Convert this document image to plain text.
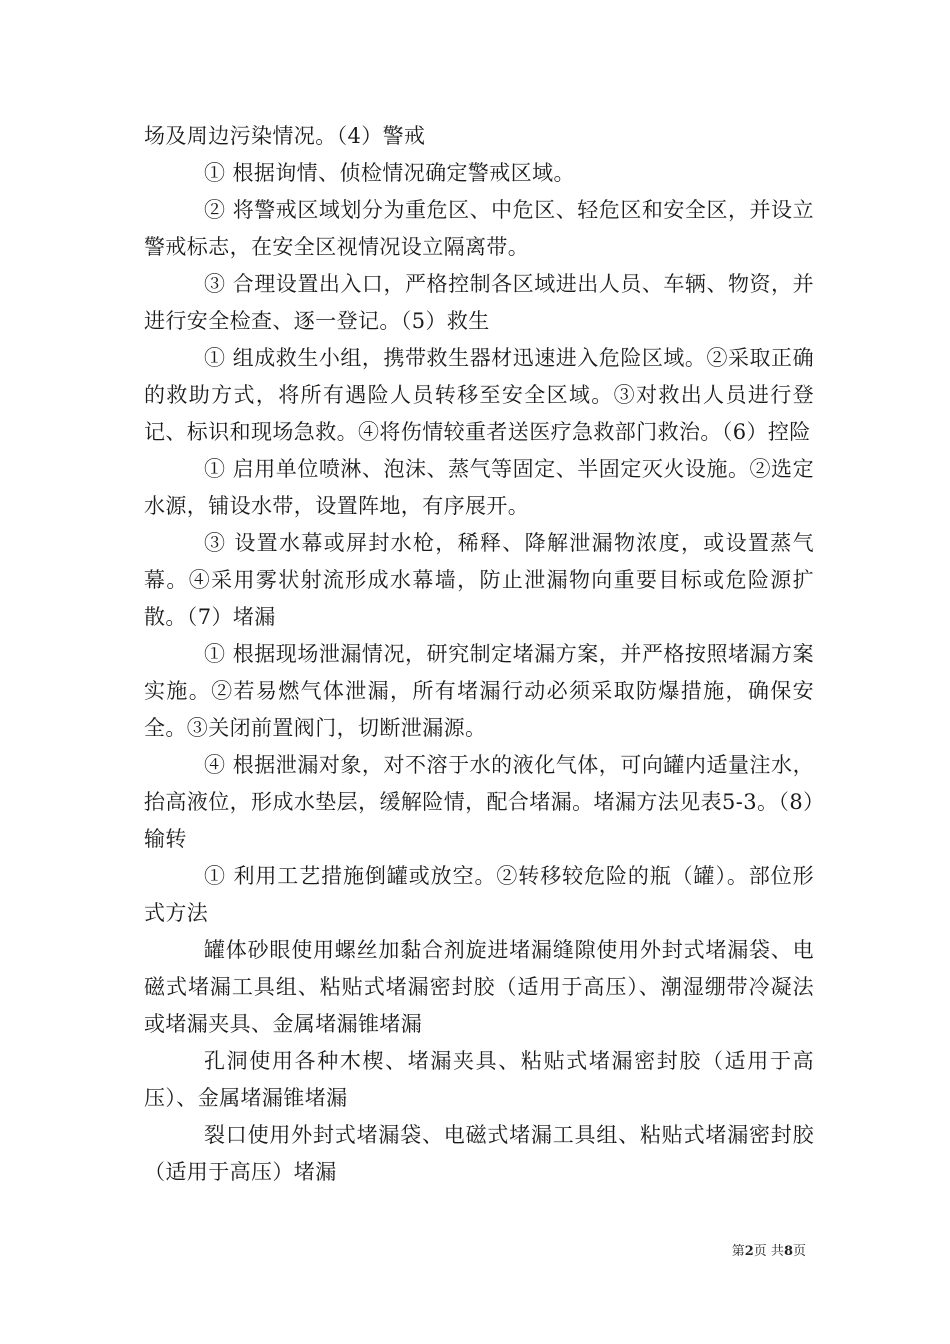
场及周边污染情况。（4）警戒

① 根据询情、侦检情况确定警戒区域。

② 将警戒区域划分为重危区、中危区、轻危区和安全区，并设立警戒标志，在安全区视情况设立隔离带。

③ 合理设置出入口，严格控制各区域进出人员、车辆、物资，并进行安全检查、逐一登记。（5）救生

① 组成救生小组，携带救生器材迅速进入危险区域。②采取正确的救助方式，将所有遇险人员转移至安全区域。③对救出人员进行登记、标识和现场急救。④将伤情较重者送医疗急救部门救治。（6）控险

① 启用单位喷淋、泡沫、蒸气等固定、半固定灭火设施。②选定水源，铺设水带，设置阵地，有序展开。

③ 设置水幕或屏封水枪，稀释、降解泄漏物浓度，或设置蒸气幕。④采用雾状射流形成水幕墙，防止泄漏物向重要目标或危险源扩散。（7）堵漏

① 根据现场泄漏情况，研究制定堵漏方案，并严格按照堵漏方案实施。②若易燃气体泄漏，所有堵漏行动必须采取防爆措施，确保安全。③关闭前置阀门，切断泄漏源。

④ 根据泄漏对象，对不溶于水的液化气体，可向罐内适量注水，抬高液位，形成水垫层，缓解险情，配合堵漏。堵漏方法见表5-3。（8）输转

① 利用工艺措施倒罐或放空。②转移较危险的瓶（罐）。部位形式方法

罐体砂眼使用螺丝加黏合剂旋进堵漏缝隙使用外封式堵漏袋、电磁式堵漏工具组、粘贴式堵漏密封胶（适用于高压）、潮湿绷带冷凝法或堵漏夹具、金属堵漏锥堵漏

孔洞使用各种木楔、堵漏夹具、粘贴式堵漏密封胶（适用于高压）、金属堵漏锥堵漏

裂口使用外封式堵漏袋、电磁式堵漏工具组、粘贴式堵漏密封胶（适用于高压）堵漏

第2页 共8页
